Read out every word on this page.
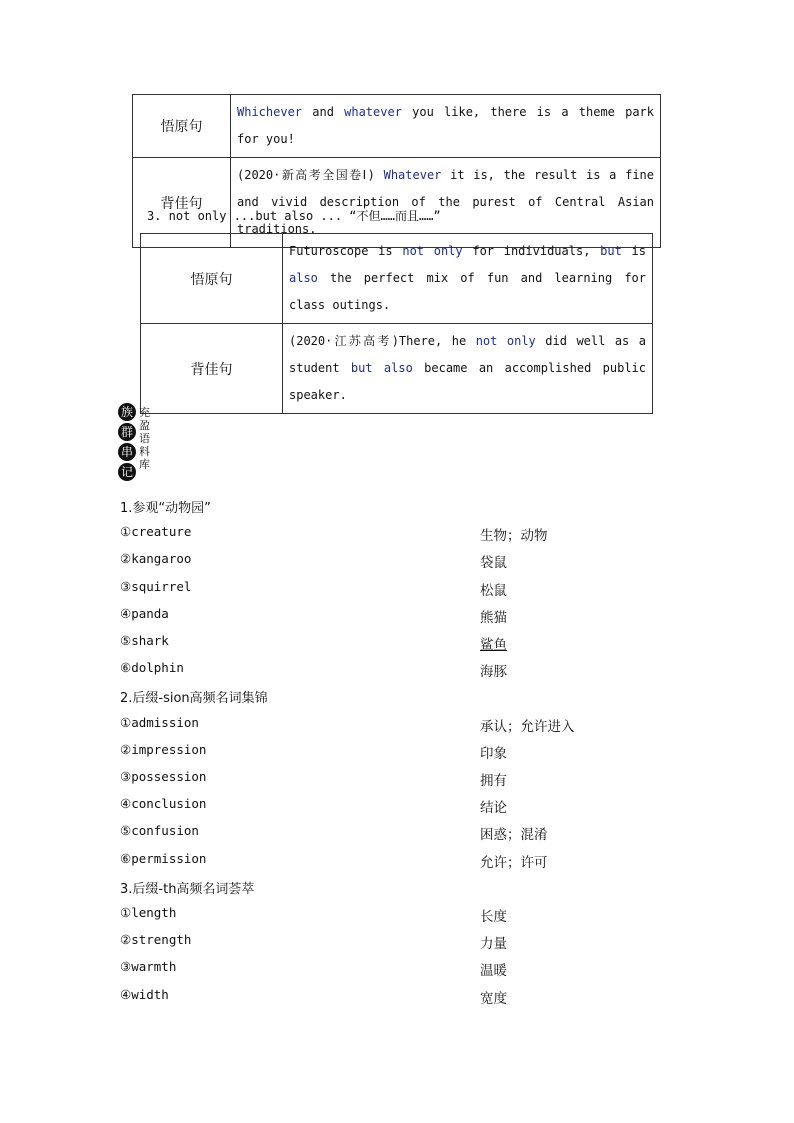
悟原句	Whichever and whatever you like, there is a theme park for you!
背佳句	(2020·新高考全国卷Ⅰ) Whatever it is, the result is a fine and vivid description of the purest of Central Asian traditions.
3. not only ...but also ... “不但……而且……”
悟原句	Futuroscope is not only for individuals, but is also the perfect mix of fun and learning for class outings.
背佳句	(2020·江苏高考)There, he not only did well as a student but also became an accomplished public speaker.
族
群
串
记
充盈语料库
1.参观“动物园”
①creature	生物；动物
②kangaroo	袋鼠
③squirrel	松鼠
④panda	熊猫
⑤shark	鲨鱼
⑥dolphin	海豚
2.后缀-sion高频名词集锦
①admission	承认；允许进入
②impression	印象
③possession	拥有
④conclusion	结论
⑤confusion	困惑；混淆
⑥permission	允许；许可
3.后缀-th高频名词荟萃
①length	长度
②strength	力量
③warmth	温暖
④width	宽度
